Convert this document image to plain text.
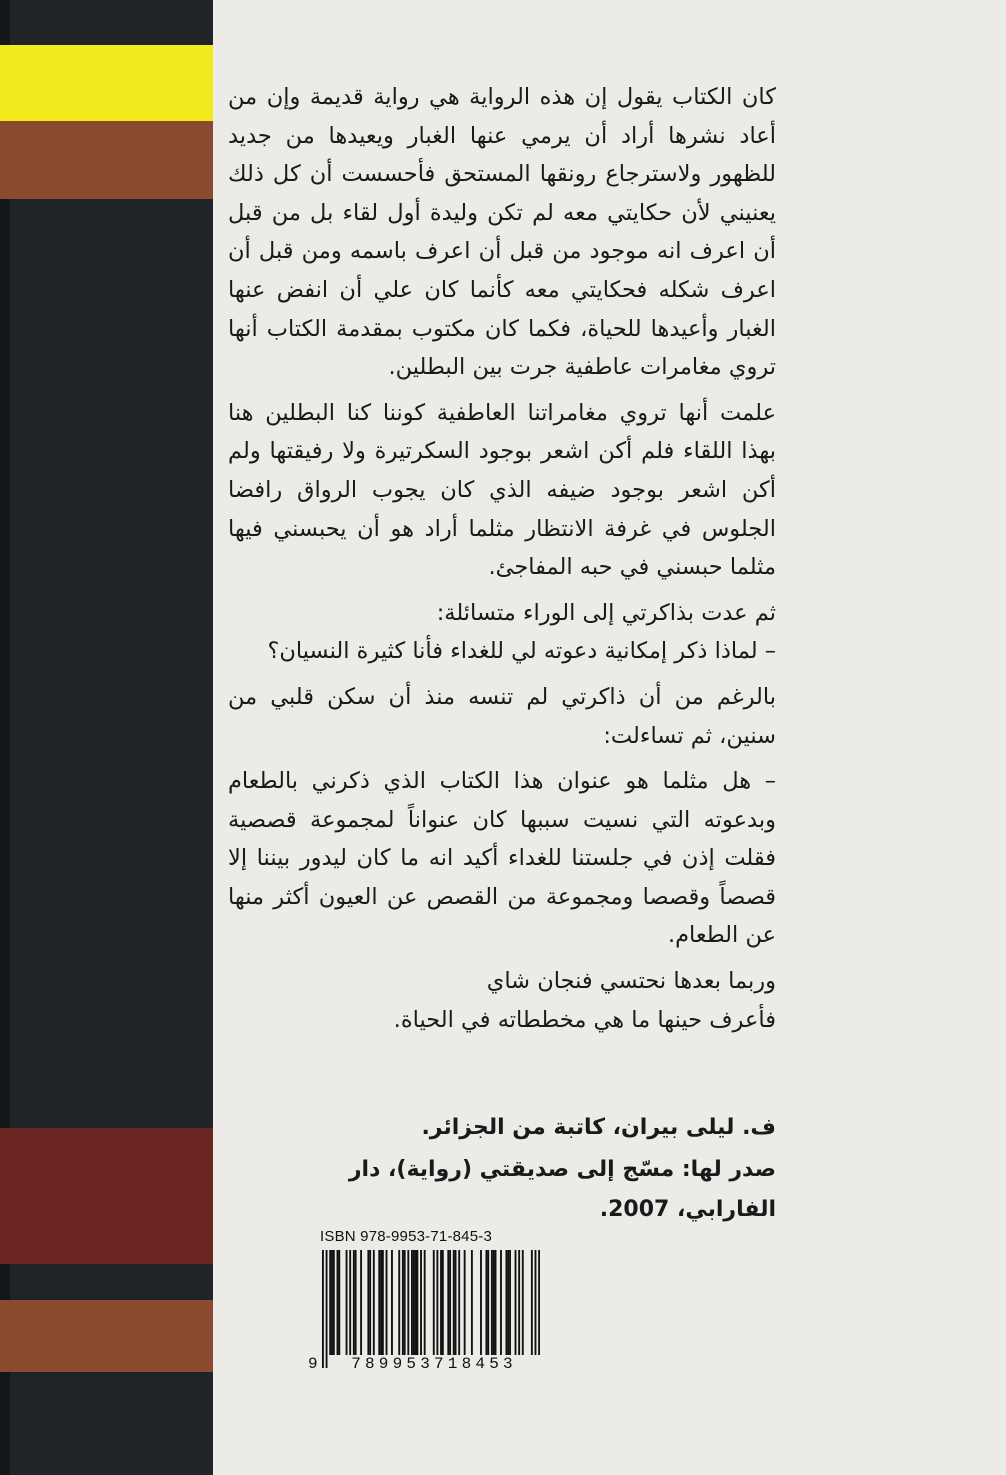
كان الكتاب يقول إن هذه الرواية هي رواية قديمة وإن من أعاد نشرها أراد أن يرمي عنها الغبار ويعيدها من جديد للظهور ولاسترجاع رونقها المستحق فأحسست أن كل ذلك يعنيني لأن حكايتي معه لم تكن وليدة أول لقاء بل من قبل أن اعرف انه موجود من قبل أن اعرف باسمه ومن قبل أن اعرف شكله فحكايتي معه كأنما كان علي أن انفض عنها الغبار وأعيدها للحياة، فكما كان مكتوب بمقدمة الكتاب أنها تروي مغامرات عاطفية جرت بين البطلين.

علمت أنها تروي مغامراتنا العاطفية كوننا كنا البطلين هنا بهذا اللقاء فلم أكن اشعر بوجود السكرتيرة ولا رفيقتها ولم أكن اشعر بوجود ضيفه الذي كان يجوب الرواق رافضا الجلوس في غرفة الانتظار مثلما أراد هو أن يحبسني فيها مثلما حبسني في حبه المفاجئ.

ثم عدت بذاكرتي إلى الوراء متسائلة:

– لماذا ذكر إمكانية دعوته لي للغداء فأنا كثيرة النسيان؟

بالرغم من أن ذاكرتي لم تنسه منذ أن سكن قلبي من سنين، ثم تساءلت:

– هل مثلما هو عنوان هذا الكتاب الذي ذكرني بالطعام وبدعوته التي نسيت سببها كان عنواناً لمجموعة قصصية فقلت إذن في جلستنا للغداء أكيد انه ما كان ليدور بيننا إلا قصصاً وقصصا ومجموعة من القصص عن العيون أكثر منها عن الطعام.

وربما بعدها نحتسي فنجان شاي

فأعرف حينها ما هي مخططاته في الحياة.

ف. ليلى بيران، كاتبة من الجزائر.

صدر لها: مسّج إلى صديقتي (رواية)، دار الفارابي، 2007.

ISBN 978-9953-71-845-3
9	789953718453
